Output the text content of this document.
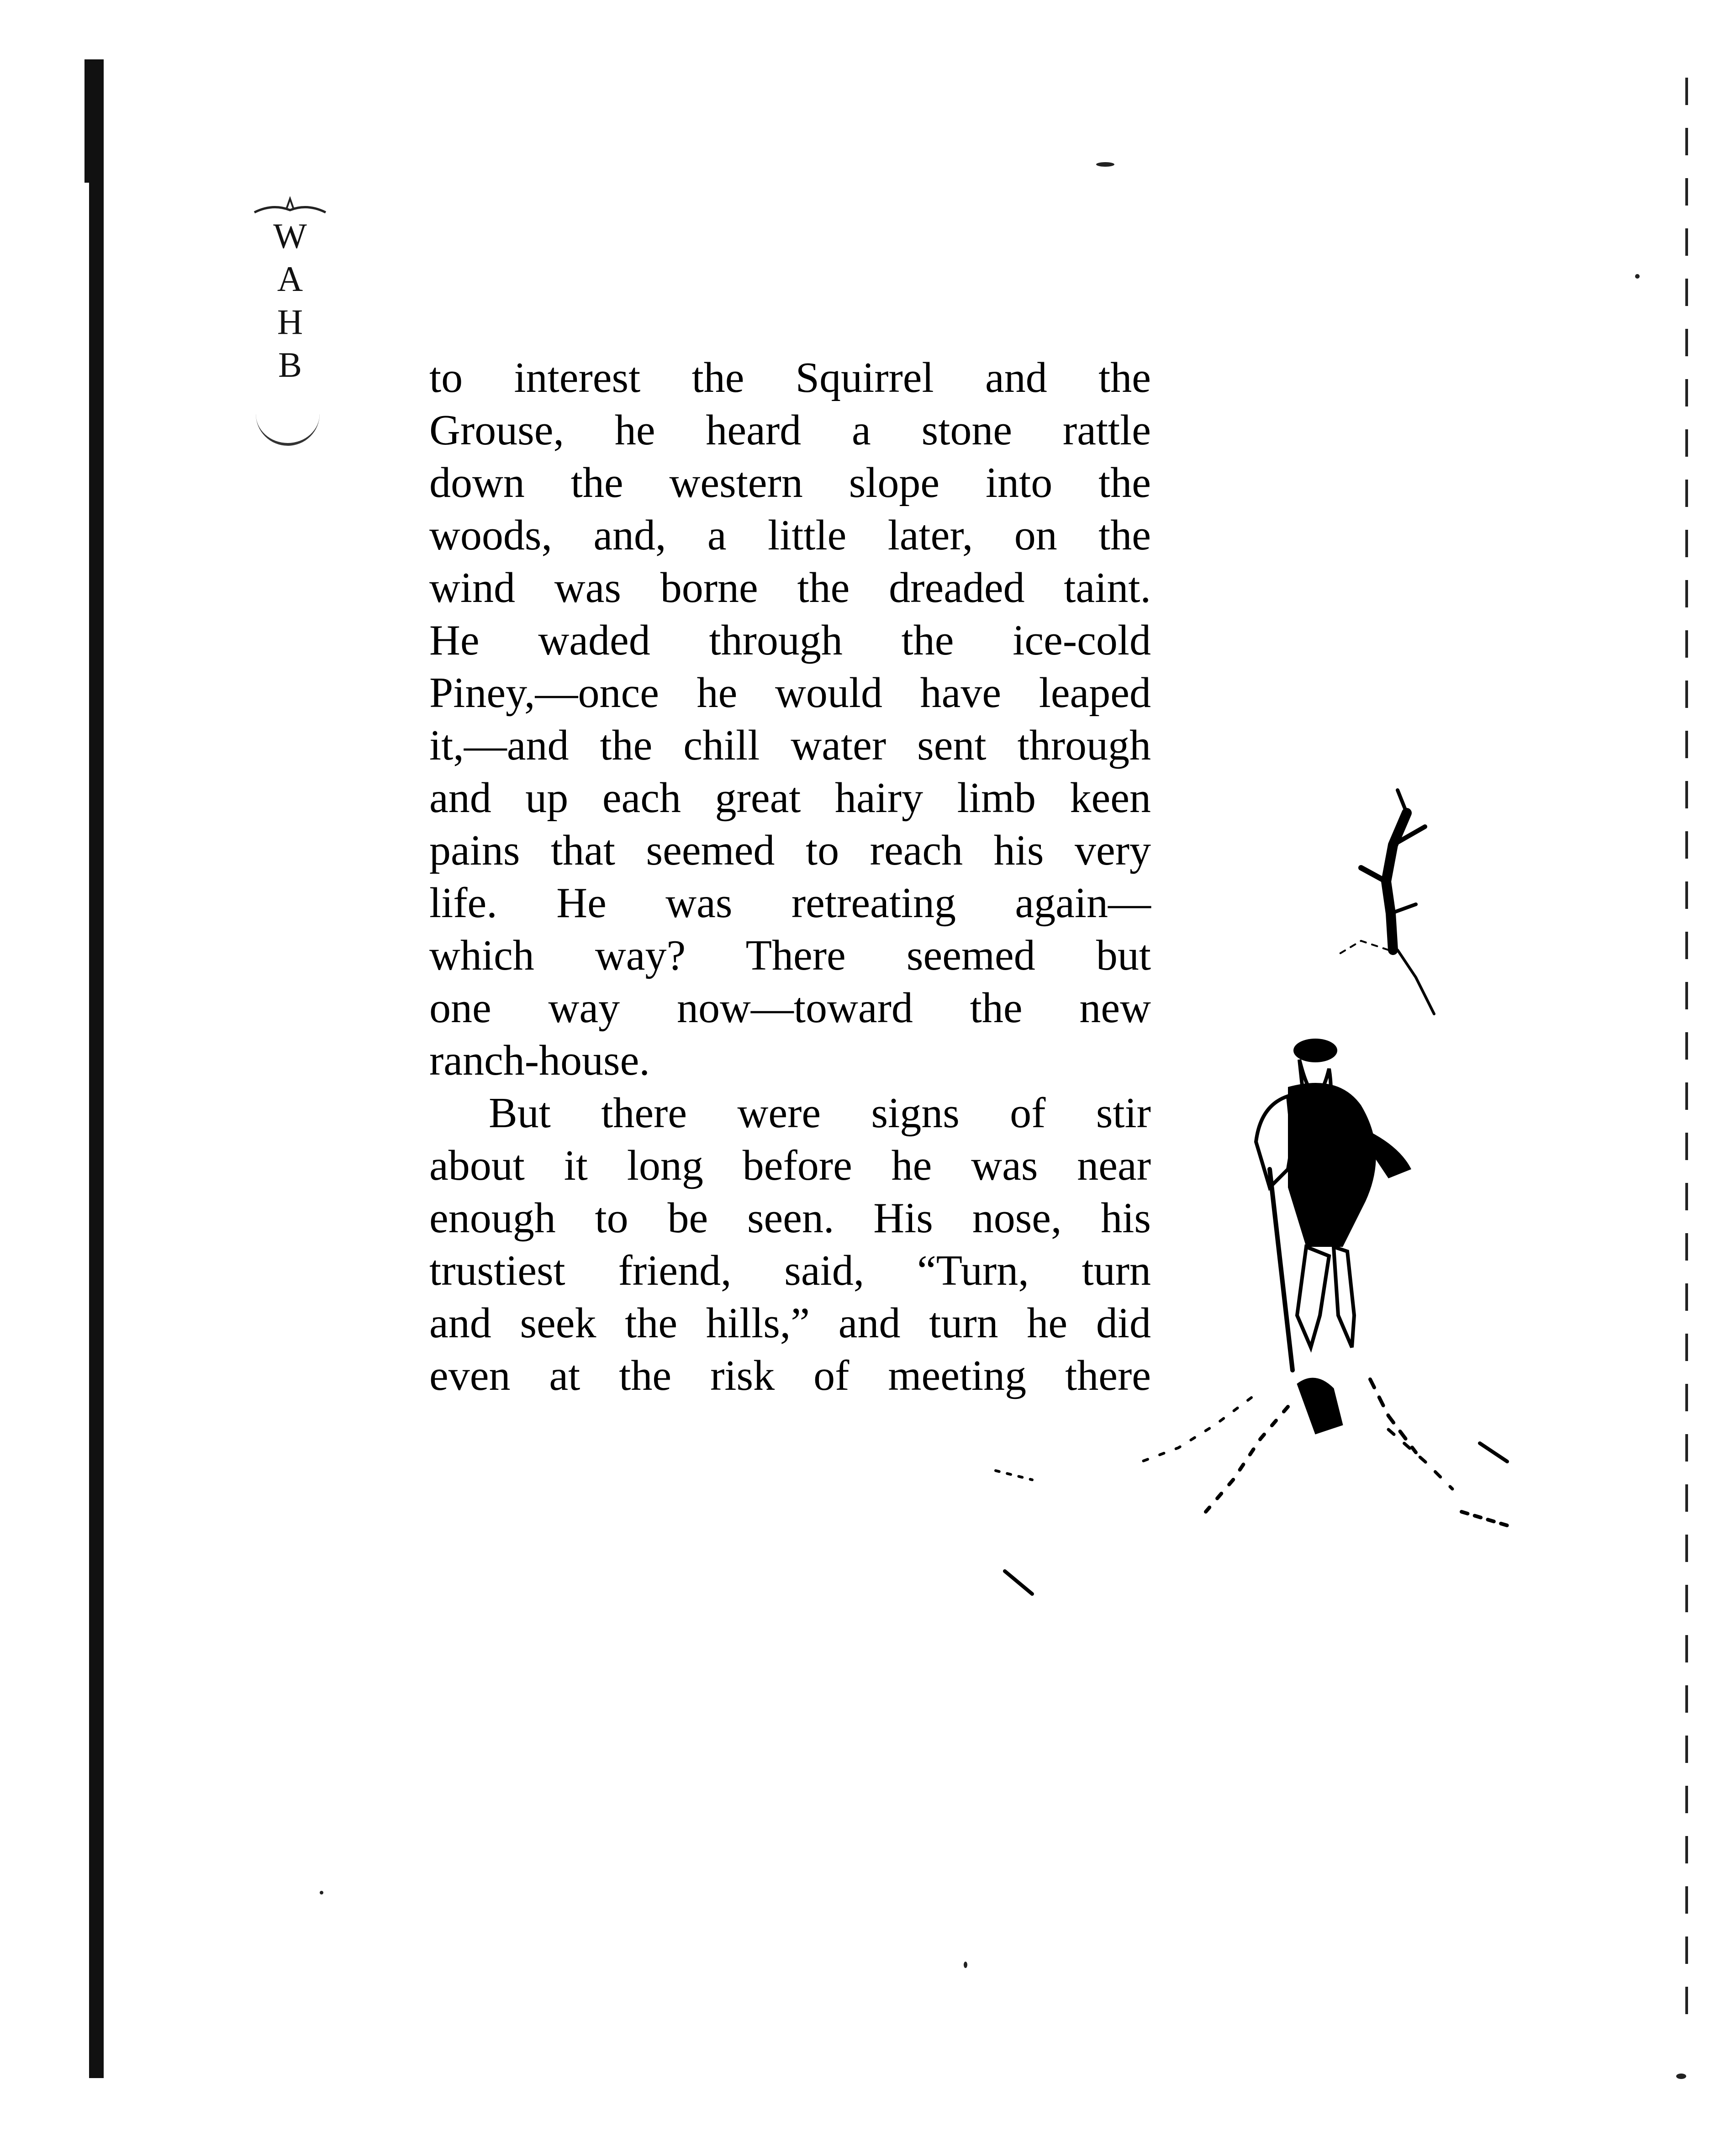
W
A
H
B	to interest the Squirrel and the
Grouse, he heard a stone rattle
down the western slope into the
woods, and, a little later, on the
wind was borne the dreaded taint.
He waded through the ice-cold
Piney,—once he would have leaped
it,—and the chill water sent through
and up each great hairy limb keen
pains that seemed to reach his very
life. He was retreating again—
which way? There seemed but
one way now—toward the new
ranch-house.
But there were signs of stir
about it long before he was near
enough to be seen. His nose, his
trustiest friend, said, “Turn, turn
and seek the hills,” and turn he did
even at the risk of meeting there
